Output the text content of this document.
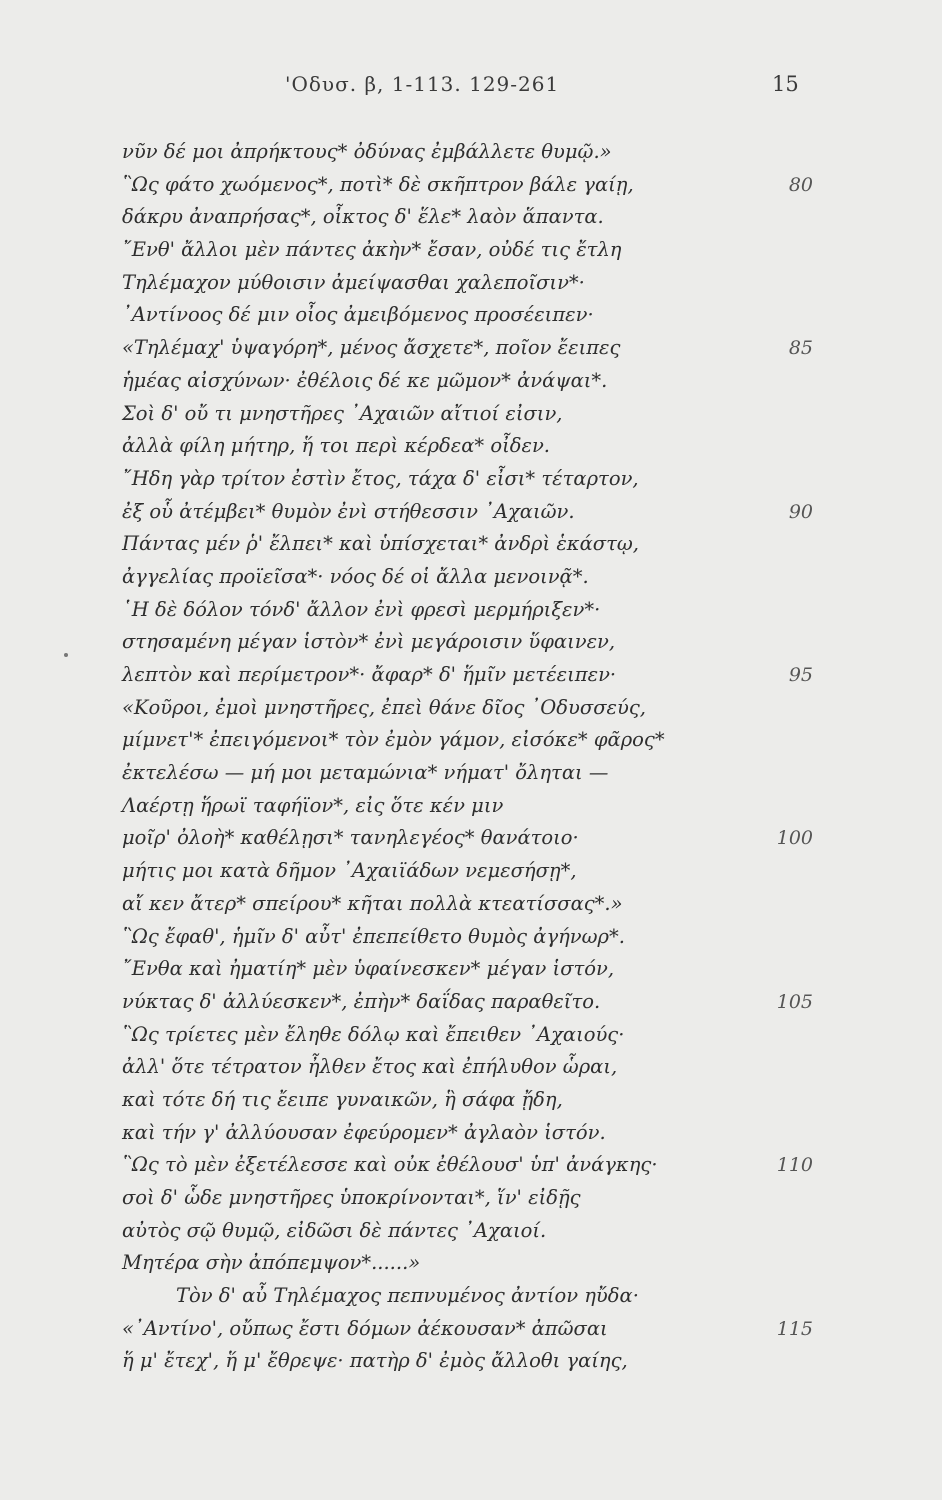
'Οδυσ. β, 1-113. 129-261	15
νῦν δέ μοι ἀπρήκτους* ὀδύνας ἐμβάλλετε θυμῷ.»
῝Ως φάτο χωόμενος*, ποτὶ* δὲ σκῆπτρον βάλε γαίῃ,	80
δάκρυ ἀναπρήσας*, οἶκτος δ' ἕλε* λαὸν ἅπαντα.
῎Ενθ' ἄλλοι μὲν πάντες ἀκὴν* ἔσαν, οὐδέ τις ἔτλη
Τηλέμαχον μύθοισιν ἀμείψασθαι χαλεποῖσιν*·
᾿Αντίνοος δέ μιν οἶος ἀμειβόμενος προσέειπεν·
«Τηλέμαχ' ὑψαγόρη*, μένος ἄσχετε*, ποῖον ἔειπες	85
ἡμέας αἰσχύνων· ἐθέλοις δέ κε μῶμον* ἀνάψαι*.
Σοὶ δ' οὔ τι μνηστῆρες ᾿Αχαιῶν αἴτιοί εἰσιν,
ἀλλὰ φίλη μήτηρ, ἥ τοι περὶ κέρδεα* οἶδεν.
῎Ηδη γὰρ τρίτον ἐστὶν ἔτος, τάχα δ' εἶσι* τέταρτον,
ἐξ οὗ ἀτέμβει* θυμὸν ἐνὶ στήθεσσιν ᾿Αχαιῶν.	90
Πάντας μέν ῥ' ἔλπει* καὶ ὑπίσχεται* ἀνδρὶ ἑκάστῳ,
ἀγγελίας προϊεῖσα*· νόος δέ οἱ ἄλλα μενοινᾷ*.
῾Η δὲ δόλον τόνδ' ἄλλον ἐνὶ φρεσὶ μερμήριξεν*·
στησαμένη μέγαν ἱστὸν* ἐνὶ μεγάροισιν ὕφαινεν,
λεπτὸν καὶ περίμετρον*· ἄφαρ* δ' ἥμῖν μετέειπεν·	95
«Κοῦροι, ἐμοὶ μνηστῆρες, ἐπεὶ θάνε δῖος ᾿Οδυσσεύς,
μίμνετ'* ἐπειγόμενοι* τὸν ἐμὸν γάμον, εἰσόκε* φᾶρος*
ἐκτελέσω — μή μοι μεταμώνια* νήματ' ὄληται —
Λαέρτῃ ἥρωϊ ταφήϊον*, εἰς ὅτε κέν μιν
μοῖρ' ὀλοὴ* καθέλῃσι* τανηλεγέος* θανάτοιο·	100
μήτις μοι κατὰ δῆμον ᾿Αχαιϊάδων νεμεσήσῃ*,
αἴ κεν ἄτερ* σπείρου* κῆται πολλὰ κτεατίσσας*.»
῝Ως ἔφαθ', ἡμῖν δ' αὖτ' ἐπεπείθετο θυμὸς ἀγήνωρ*.
῎Ενθα καὶ ἠματίη* μὲν ὑφαίνεσκεν* μέγαν ἱστόν,
νύκτας δ' ἀλλύεσκεν*, ἐπὴν* δαΐδας παραθεῖτο.	105
῝Ως τρίετες μὲν ἔληθε δόλῳ καὶ ἔπειθεν ᾿Αχαιούς·
ἀλλ' ὅτε τέτρατον ἦλθεν ἔτος καὶ ἐπήλυθον ὧραι,
καὶ τότε δή τις ἔειπε γυναικῶν, ἣ σάφα ᾔδη,
καὶ τήν γ' ἀλλύουσαν ἐφεύρομεν* ἀγλαὸν ἱστόν.
῝Ως τὸ μὲν ἐξετέλεσσε καὶ οὐκ ἐθέλουσ' ὑπ' ἀνάγκης·	110
σοὶ δ' ὧδε μνηστῆρες ὑποκρίνονται*, ἵν' εἰδῇς
αὐτὸς σῷ θυμῷ, εἰδῶσι δὲ πάντες ᾿Αχαιοί.
Μητέρα σὴν ἀπόπεμψον*......»
Τὸν δ' αὖ Τηλέμαχος πεπνυμένος ἀντίον ηὔδα·
«᾿Αντίνο', οὔπως ἔστι δόμων ἀέκουσαν* ἀπῶσαι	115
ἥ μ' ἔτεχ', ἥ μ' ἔθρεψε· πατὴρ δ' ἐμὸς ἄλλοθι γαίης,
